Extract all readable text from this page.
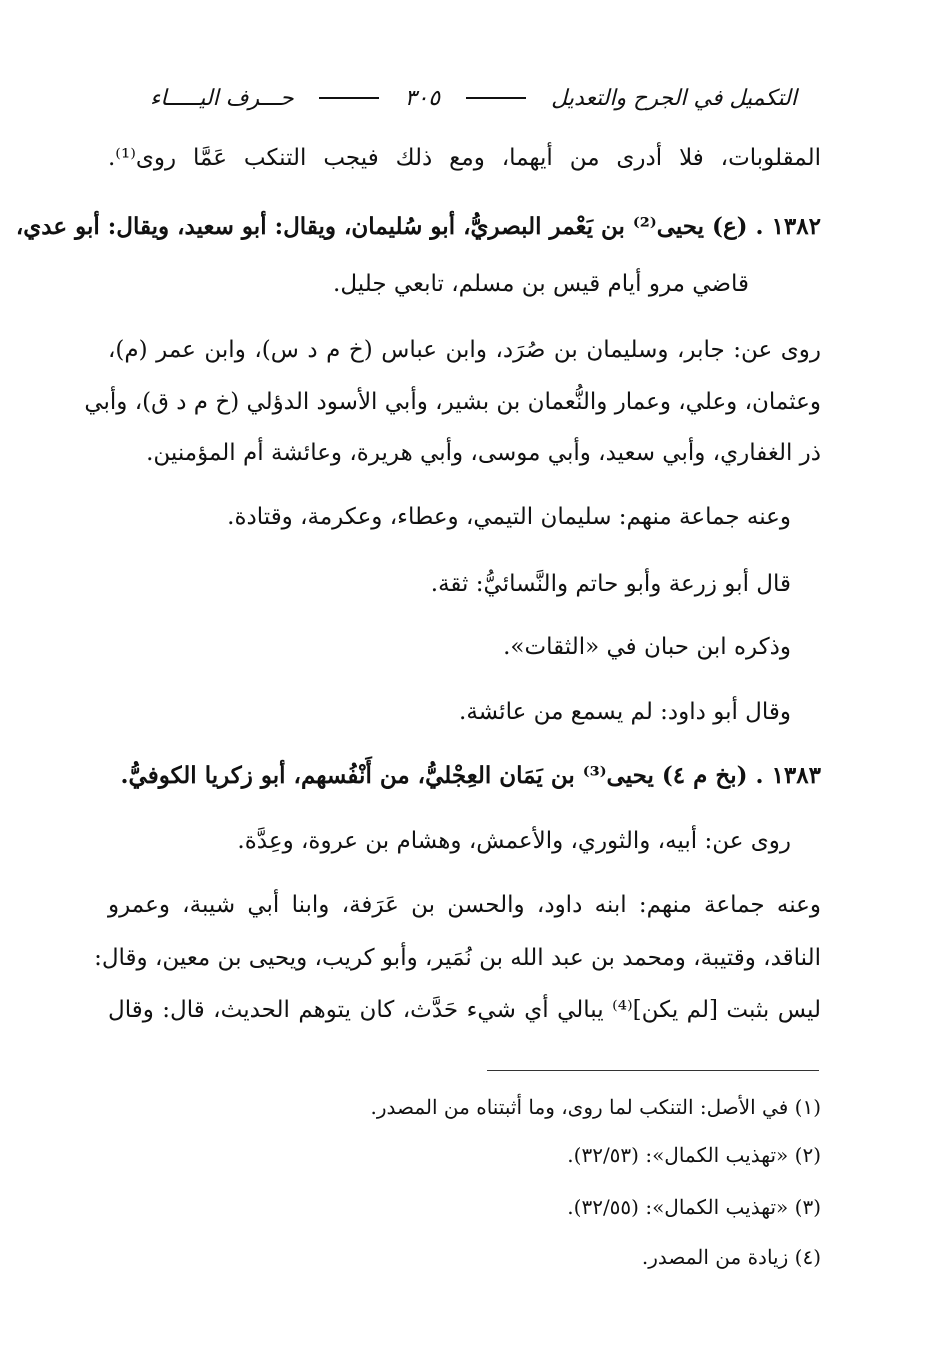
التكميل في الجرح والتعديل
٣٠٥
حـــرف اليـــــاء
المقلوبات، فلا أدرى من أيهما، ومع ذلك فيجب التنكب عَمَّا روى⁽¹⁾.
١٣٨٢ . (ع) يحيى⁽²⁾ بن يَعْمر البصريُّ، أبو سُليمان، ويقال: أبو سعيد، ويقال: أبو عدي،
قاضي مرو أيام قيس بن مسلم، تابعي جليل.
روى عن: جابر، وسليمان بن صُرَد، وابن عباس (خ م د س)، وابن عمر (م)،
وعثمان، وعلي، وعمار والنُّعمان بن بشير، وأبي الأسود الدؤلي (خ م د ق)، وأبي
ذر الغفاري، وأبي سعيد، وأبي موسى، وأبي هريرة، وعائشة أم المؤمنين.
وعنه جماعة منهم: سليمان التيمي، وعطاء، وعكرمة، وقتادة.
قال أبو زرعة وأبو حاتم والنَّسائيُّ: ثقة.
وذكره ابن حبان في «الثقات».
وقال أبو داود: لم يسمع من عائشة.
١٣٨٣ . (بخ م ٤) يحيى⁽³⁾ بن يَمَان العِجْليُّ، من أَنْفُسهم، أبو زكريا الكوفيُّ.
روى عن: أبيه، والثوري، والأعمش، وهشام بن عروة، وعِدَّة.
وعنه جماعة منهم: ابنه داود، والحسن بن عَرَفة، وابنا أبي شيبة، وعمرو
الناقد، وقتيبة، ومحمد بن عبد الله بن نُمَير، وأبو كريب، ويحيى بن معين، وقال:
ليس بثبت [لم يكن]⁽⁴⁾ يبالي أي شيء حَدَّث، كان يتوهم الحديث، قال: وقال
(١) في الأصل: التنكب لما روى، وما أثبتناه من المصدر.
(٢) «تهذيب الكمال»: (٣٢/٥٣).
(٣) «تهذيب الكمال»: (٣٢/٥٥).
(٤) زيادة من المصدر.
